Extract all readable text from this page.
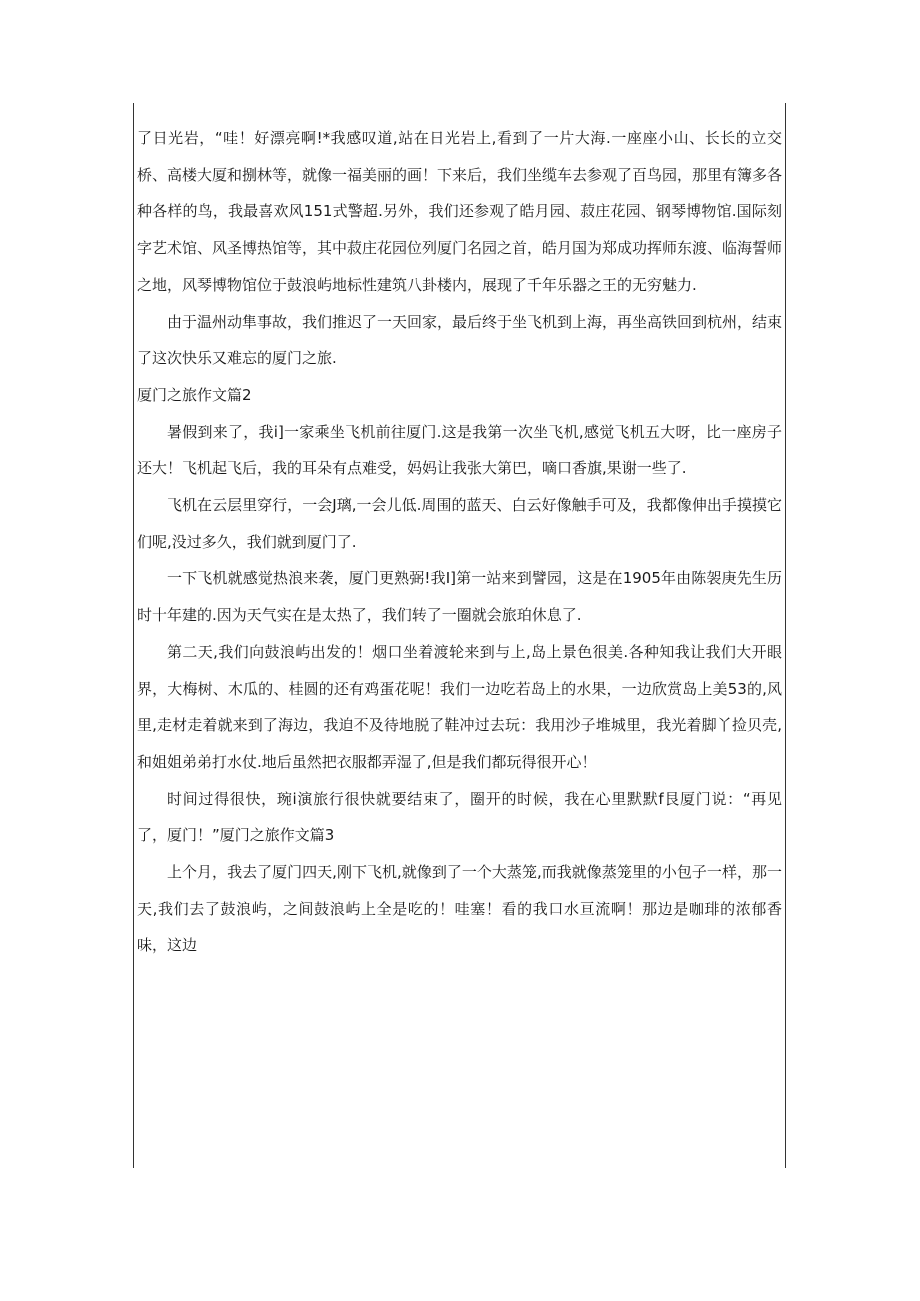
了日光岩，“哇！好漂亮啊!*我感叹道,站在日光岩上,看到了一片大海.一座座小山、长长的立交桥、高楼大厦和捌林等，就像一福美丽的画！下来后，我们坐缆车去参观了百鸟园，那里有簿多各种各样的鸟，我最喜欢风151式警超.另外，我们还参观了皓月园、菽庄花园、钢琴博物馆.国际刻字艺术馆、风圣博热馆等，其中菽庄花园位列厦门名园之首，皓月国为郑成功挥师东渡、临海誓师之地，风琴博物馆位于鼓浪屿地标性建筑八卦楼内，展现了千年乐器之王的无穷魅力.

由于温州动隼事故，我们推迟了一天回家，最后终于坐飞机到上海，再坐高铁回到杭州，结束了这次快乐又难忘的厦门之旅.

厦门之旅作文篇2

暑假到来了，我i]一家乘坐飞机前往厦门.这是我第一次坐飞机,感觉飞机五大呀，比一座房子还大！飞机起飞后，我的耳朵有点难受，妈妈让我张大第巴，嘀口香旗,果谢一些了.

飞机在云层里穿行，一会J璃,一会儿低.周围的蓝天、白云好像触手可及，我都像伸出手摸摸它们呢,没过多久，我们就到厦门了.

一下飞机就感觉热浪来袭，厦门更熟弼!我I]第一站来到譬园，这是在1905年由陈袈庚先生历时十年建的.因为天气实在是太热了，我们转了一圈就会旅珀休息了.

第二天,我们向鼓浪屿出发的！烟口坐着渡轮来到与上,岛上景色很美.各种知我让我们大开眼界，大梅树、木瓜的、桂圆的还有鸡蛋花呢！我们一边吃若岛上的水果，一边欣赏岛上美53的,风里,走材走着就来到了海边，我迫不及待地脱了鞋冲过去玩：我用沙子堆城里，我光着脚丫捡贝壳,和姐姐弟弟打水仗.地后虽然把衣服都弄湿了,但是我们都玩得很开心！

时间过得很快，琬i演旅行很快就要结束了，圈开的时候，我在心里默默f艮厦门说：“再见了，厦门！”厦门之旅作文篇3

上个月，我去了厦门四天,刚下飞机,就像到了一个大蒸笼,而我就像蒸笼里的小包子一样，那一天,我们去了鼓浪屿，之间鼓浪屿上全是吃的！哇塞！看的我口水亘流啊！那边是咖琲的浓郁香味，这边
